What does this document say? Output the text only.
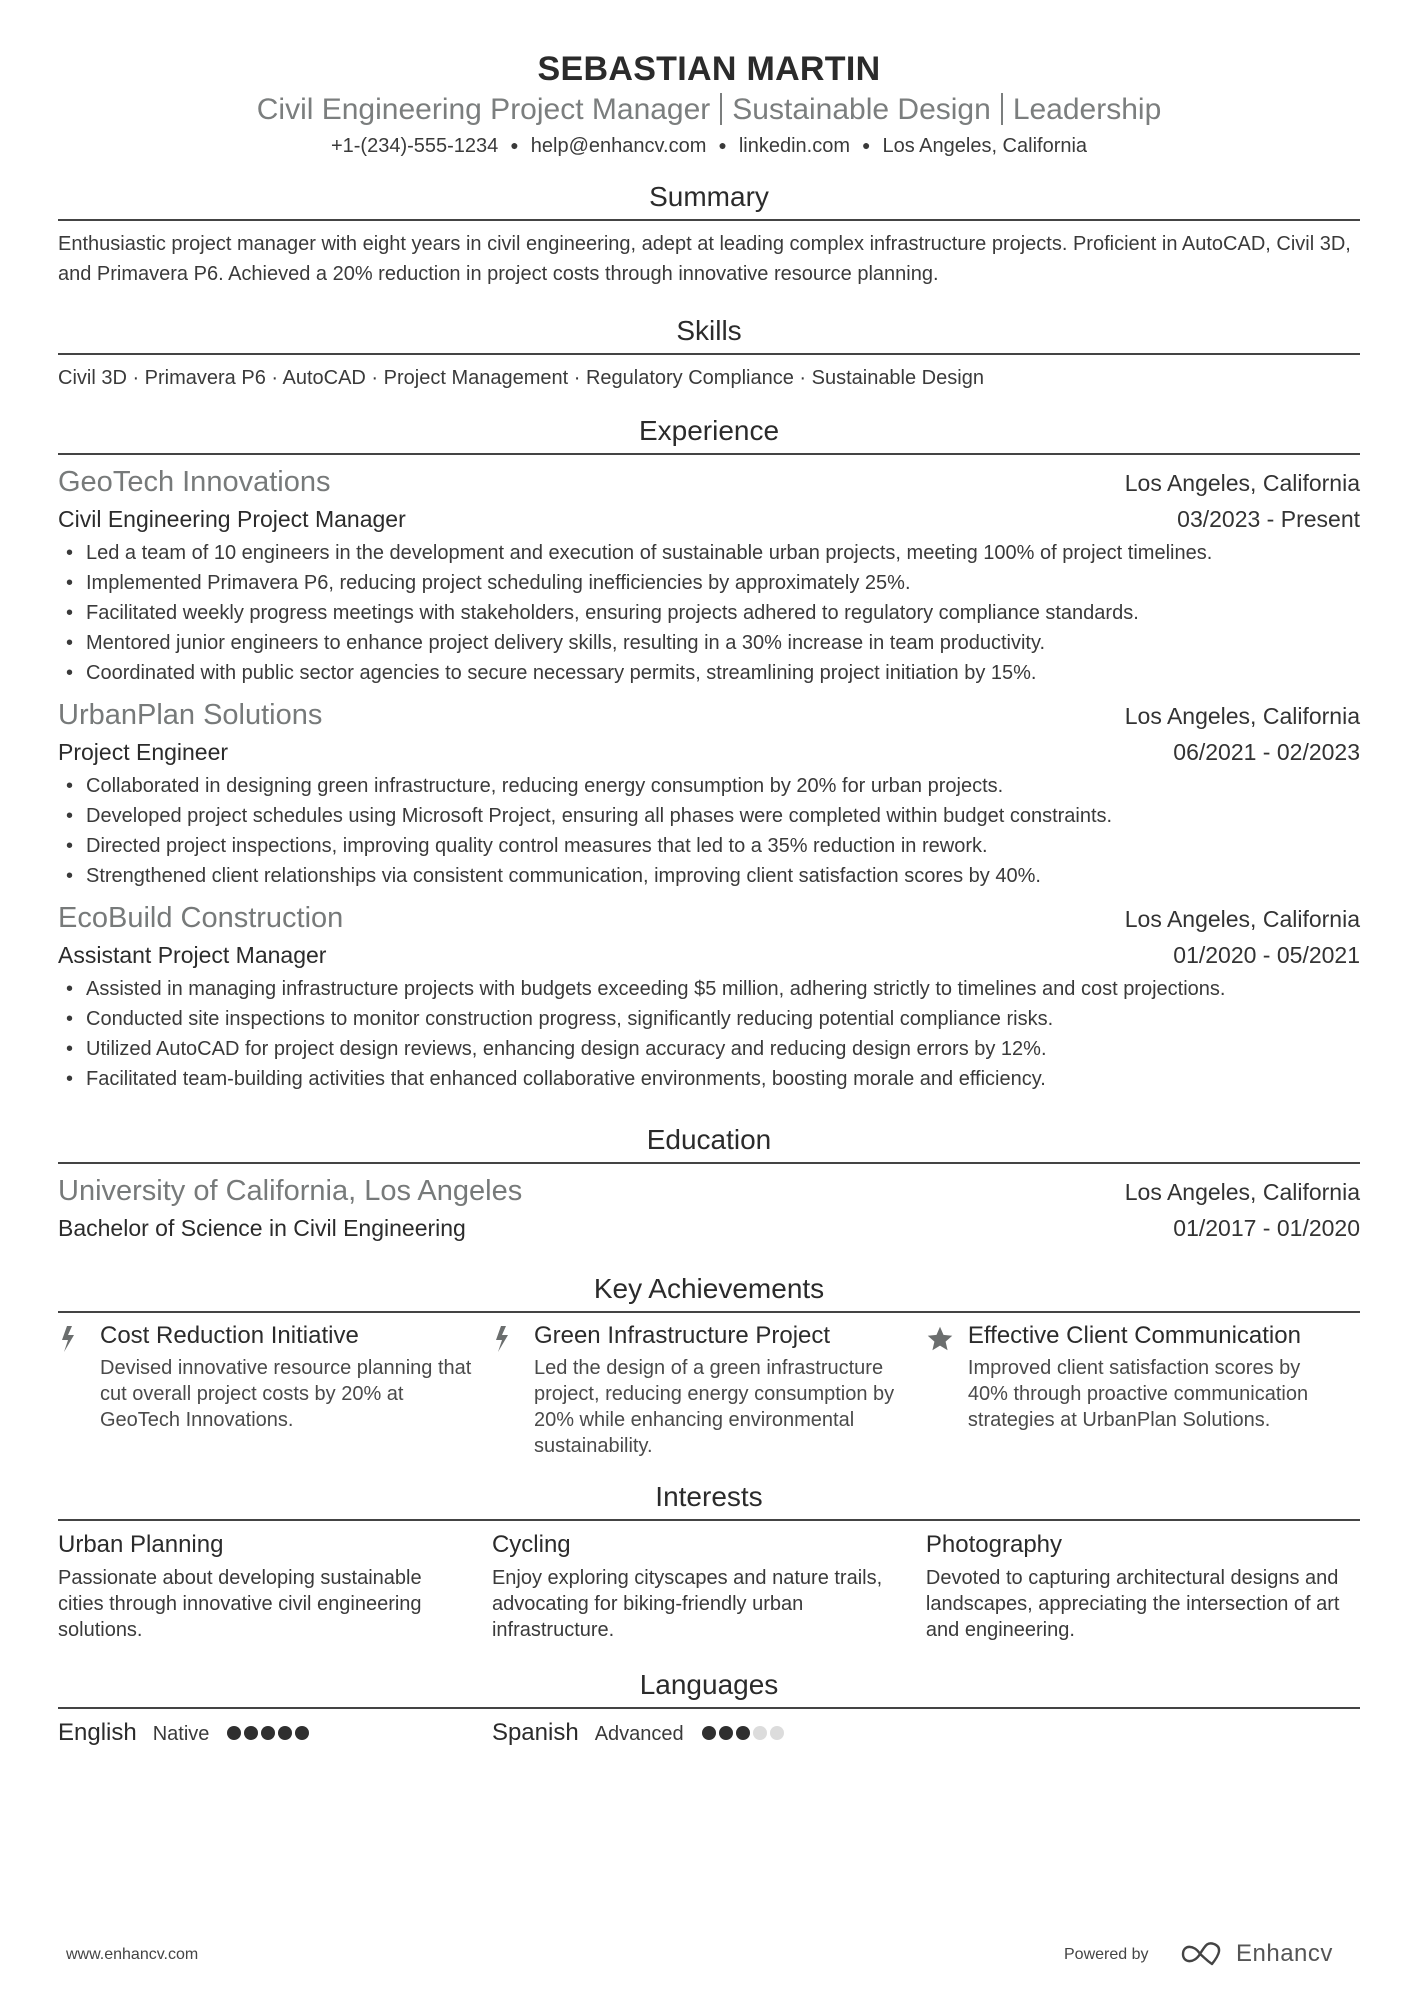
SEBASTIAN MARTIN
Civil Engineering Project Manager Sustainable Design Leadership
+1-(234)-555-1234 ● help@enhancv.com ● linkedin.com ● Los Angeles, California
Summary
Enthusiastic project manager with eight years in civil engineering, adept at leading complex infrastructure projects. Proficient in AutoCAD, Civil 3D, and Primavera P6. Achieved a 20% reduction in project costs through innovative resource planning.
Skills
Civil 3D · Primavera P6 · AutoCAD · Project Management · Regulatory Compliance · Sustainable Design
Experience
GeoTech Innovations	Los Angeles, California
Civil Engineering Project Manager	03/2023 - Present
• Led a team of 10 engineers in the development and execution of sustainable urban projects, meeting 100% of project timelines.
• Implemented Primavera P6, reducing project scheduling inefficiencies by approximately 25%.
• Facilitated weekly progress meetings with stakeholders, ensuring projects adhered to regulatory compliance standards.
• Mentored junior engineers to enhance project delivery skills, resulting in a 30% increase in team productivity.
• Coordinated with public sector agencies to secure necessary permits, streamlining project initiation by 15%.
UrbanPlan Solutions	Los Angeles, California
Project Engineer	06/2021 - 02/2023
• Collaborated in designing green infrastructure, reducing energy consumption by 20% for urban projects.
• Developed project schedules using Microsoft Project, ensuring all phases were completed within budget constraints.
• Directed project inspections, improving quality control measures that led to a 35% reduction in rework.
• Strengthened client relationships via consistent communication, improving client satisfaction scores by 40%.
EcoBuild Construction	Los Angeles, California
Assistant Project Manager	01/2020 - 05/2021
• Assisted in managing infrastructure projects with budgets exceeding $5 million, adhering strictly to timelines and cost projections.
• Conducted site inspections to monitor construction progress, significantly reducing potential compliance risks.
• Utilized AutoCAD for project design reviews, enhancing design accuracy and reducing design errors by 12%.
• Facilitated team-building activities that enhanced collaborative environments, boosting morale and efficiency.
Education
University of California, Los Angeles	Los Angeles, California
Bachelor of Science in Civil Engineering	01/2017 - 01/2020
Key Achievements
Cost Reduction Initiative
Devised innovative resource planning that cut overall project costs by 20% at GeoTech Innovations.
Green Infrastructure Project
Led the design of a green infrastructure project, reducing energy consumption by 20% while enhancing environmental sustainability.
Effective Client Communication
Improved client satisfaction scores by 40% through proactive communication strategies at UrbanPlan Solutions.
Interests
Urban Planning
Passionate about developing sustainable cities through innovative civil engineering solutions.
Cycling
Enjoy exploring cityscapes and nature trails, advocating for biking-friendly urban infrastructure.
Photography
Devoted to capturing architectural designs and landscapes, appreciating the intersection of art and engineering.
Languages
English Native	Spanish Advanced
www.enhancv.com	Powered by	Enhancv
